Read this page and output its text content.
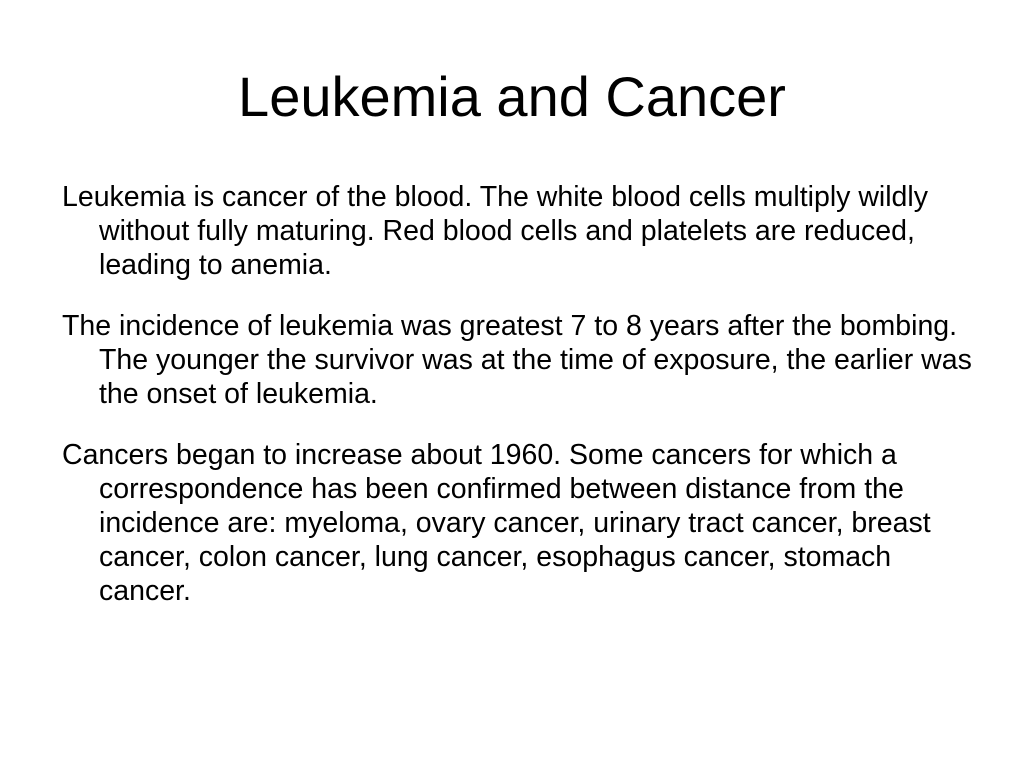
Leukemia and Cancer

Leukemia is cancer of the blood. The white blood cells multiply wildly without fully maturing. Red blood cells and platelets are reduced, leading to anemia.

The incidence of leukemia was greatest 7 to 8 years after the bombing. The younger the survivor was at the time of exposure, the earlier was the onset of leukemia.

Cancers began to increase about 1960. Some cancers for which a correspondence has been confirmed between distance from the incidence are: myeloma, ovary cancer, urinary tract cancer, breast cancer, colon cancer, lung cancer, esophagus cancer, stomach cancer.
